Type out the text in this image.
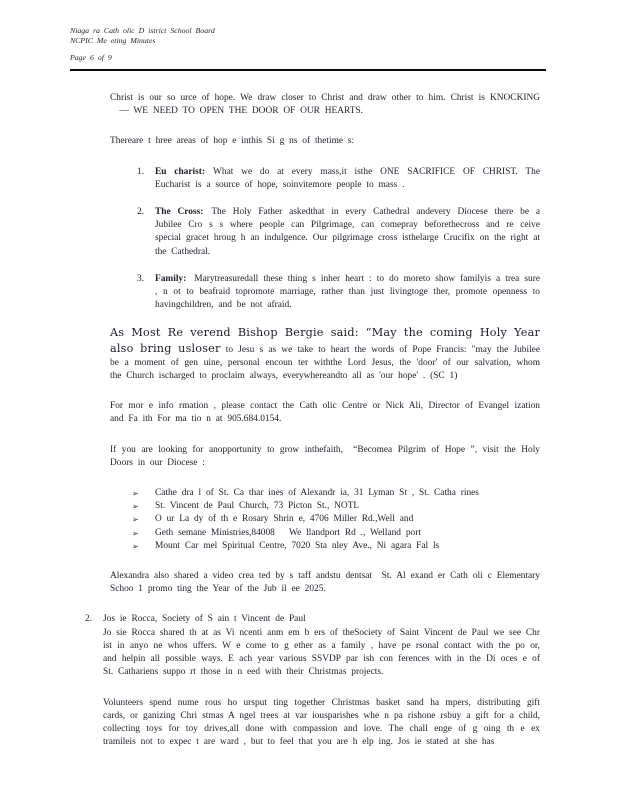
Niaga ra Cath olic D istrict School Board
NCPIC Me eting Minutes
Page 6 of 9

Christ is our so urce of hope. We draw closer to Christ and draw other to him. Christ is KNOCKING  — WE NEED TO OPEN THE DOOR OF OUR HEARTS.

Thereare t hree areas of hop e inthis Si g ns of thetime s:

1.	Eu charist: What we do at every mass,it isthe ONE SACRIFICE OF CHRIST. The Eucharist is a source of hope, soinvitemore people to mass .
2.	The Cross: The Holy Father askedthat in every Cathedral andevery Diocese there be a Jubilee Cro s s where people can Pilgrimage, can comepray beforethecross and re ceive special gracet hroug h an indulgence. Our pilgrimage cross isthelarge Crucifix on the right at the Cathedral.
3.	Family: Marytreasuredall these thing s inher heart : to do moreto show familyis a trea sure , n ot to beafraid topromote marriage, rather than just livingtoge ther, promote openness to havingchildren, and be not afraid.

As Most Re verend Bishop Bergie said: “May the coming Holy Year also bring usloser to Jesu s as we take to heart the words of Pope Francis: "may the Jubilee be a moment of gen uine, personal encoun ter withthe Lord Jesus, the 'door' of our salvation, whom the Church ischarged to proclaim always, everywhereandto all as 'our hope' . (SC 1)

For mor e info rmation , please contact the Cath olic Centre or Nick Ali, Director of Evangel ization and Fa ith For ma tio n at 905.684.0154.

If you are looking for anopportunity to grow inthefaith,  “Becomea Pilgrim of Hope ”, visit the Holy Doors in our Diocese :

➢	Cathe dra l of St. Ca thar ines of Alexandr ia, 31 Lyman St , St. Catha rines
➢	St. Vincent de Paul Church, 73 Picton St., NOTL
➢	O ur La dy of th e Rosary Shrin e, 4706 Miller Rd.,Well and
➢	Geth semane Ministries,84008  We llandport Rd ., Welland port
➢	Mount Car mel Spiritual Centre, 7020 Sta nley Ave., Ni agara Fal ls

Alexandra also shared a video crea ted by s taff andstu dentsat  St. Al exand er Cath oli c Elementary Schoo 1 promo ting the Year of the Jub il ee 2025.

2.	Jos ie Rocca, Society of S ain t Vincent de Paul

Jo sie Rocca shared th at as Vi ncenti anm em b ers of theSociety of Saint Vincent de Paul we see Chr ist in anyo ne whos uffers. W e come to g ether as a family , have pe rsonal contact with the po or, and helpin all possible ways. E ach year various SSVDP par ish con ferences with in the Di oces e of St. Cathariens suppo rt those in n eed with their Christmas projects.

Volunteers spend nume rous ho ursput ting together Christmas basket sand ha mpers, distributing gift cards, or ganizing Chri stmas A ngel trees at var iousparishes whe n pa rishone rsbuy a gift for a child, collecting toys for toy drives,all done with compassion and love. The chall enge of g oing th e ex tramileis not to expec t are ward , but to feel that you are h elp ing. Jos ie stated at she has
